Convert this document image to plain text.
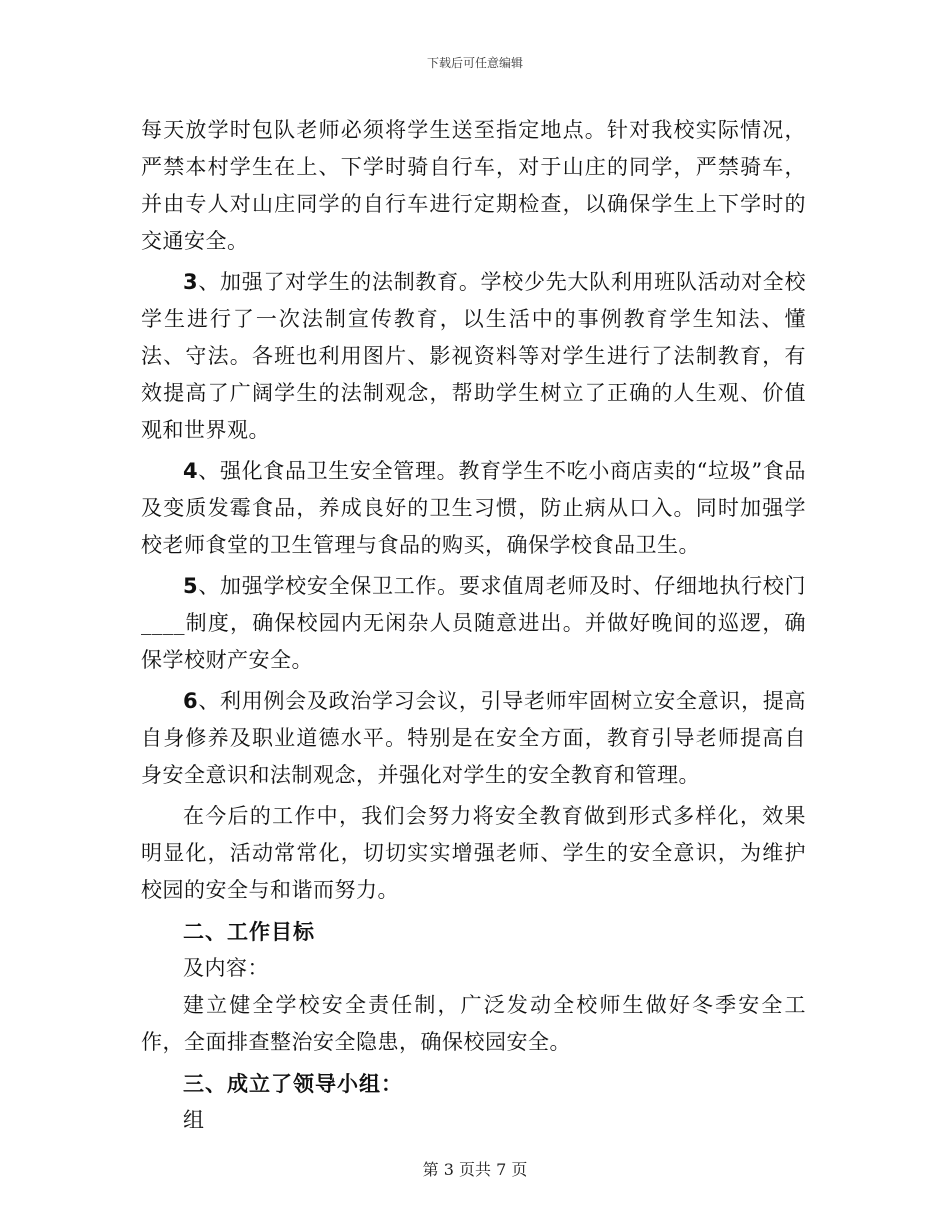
下载后可任意编辑

每天放学时包队老师必须将学生送至指定地点。针对我校实际情况，严禁本村学生在上、下学时骑自行车，对于山庄的同学，严禁骑车，并由专人对山庄同学的自行车进行定期检查，以确保学生上下学时的交通安全。

3、加强了对学生的法制教育。学校少先大队利用班队活动对全校学生进行了一次法制宣传教育，以生活中的事例教育学生知法、懂法、守法。各班也利用图片、影视资料等对学生进行了法制教育，有效提高了广阔学生的法制观念，帮助学生树立了正确的人生观、价值观和世界观。

4、强化食品卫生安全管理。教育学生不吃小商店卖的“垃圾”食品及变质发霉食品，养成良好的卫生习惯，防止病从口入。同时加强学校老师食堂的卫生管理与食品的购买，确保学校食品卫生。

5、加强学校安全保卫工作。要求值周老师及时、仔细地执行校门____制度，确保校园内无闲杂人员随意进出。并做好晚间的巡逻，确保学校财产安全。

6、利用例会及政治学习会议，引导老师牢固树立安全意识，提高自身修养及职业道德水平。特别是在安全方面，教育引导老师提高自身安全意识和法制观念，并强化对学生的安全教育和管理。

在今后的工作中，我们会努力将安全教育做到形式多样化，效果明显化，活动常常化，切切实实增强老师、学生的安全意识，为维护校园的安全与和谐而努力。

二、工作目标

及内容：

建立健全学校安全责任制，广泛发动全校师生做好冬季安全工作，全面排查整治安全隐患，确保校园安全。

三、成立了领导小组：

组

第 3 页共 7 页
